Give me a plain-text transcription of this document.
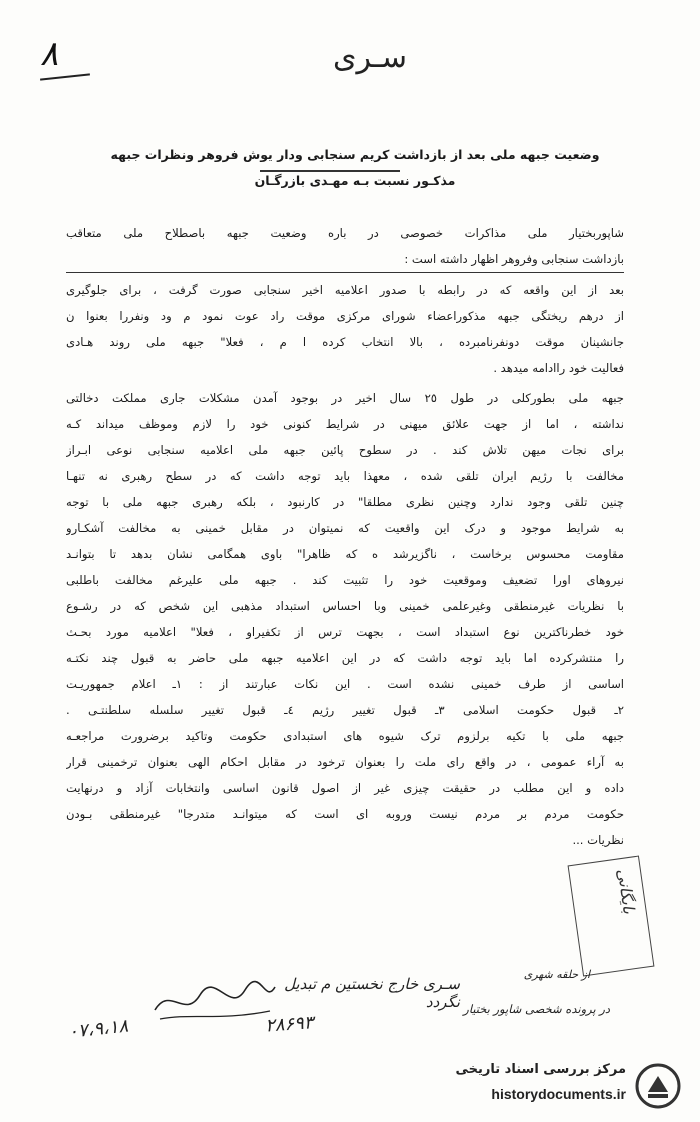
٨	سـری
وضعیت جبهه ملی بعد از بازداشت کریم سنجابی ودار یوش فروهر ونظرات جبهه
مذکـور نسبت بـه مهـدی بازرگـان
شاپوربختیار ملی مذاکرات خصوصی در باره وضعیت جبهه باصطلاح ملی متعاقب
بازداشت سنجابی وفروهر اظهار داشته است :
بعد از این واقعه که در رابطه با صدور اعلامیه اخیر سنجابی صورت گرفت ، برای جلوگیری
از درهم ریختگی جبهه مذکوراعضاء شورای مرکزی موقت راد عوت نمود م ود ونفررا بعنوا ن
جانشینان موقت دونفرنامبرده ، بالا انتخاب کرده ا م ، فعلا" جبهه ملی روند هـادی
فعالیت خود راادامه میدهد .
جبهه ملی بطورکلی در طول ٢٥ سال اخیر در بوجود آمدن مشکلات جاری مملکت دخالتی
نداشته ، اما از جهت علائق میهنی در شرایط کنونی خود را لازم وموظف میداند کـه
برای نجات میهن تلاش کند . در سطوح پائین جبهه ملی اعلامیه سنجابی نوعی ابـراز
مخالفت با رژیم ایران تلقی شده ، معهذا باید توجه داشت که در سطح رهبری نه تنهـا
چنین تلقی وجود ندارد وچنین نظری مطلقا" در کارنبود ، بلکه رهبری جبهه ملی با توجه
به شرایط موجود و درک این واقعیت که نمیتوان در مقابل خمینی به مخالفت آشکـارو
مقاومت محسوس برخاست ، ناگزیرشد ه که ظاهرا" باوی همگامی نشان بدهد تا بتوانـد
نیروهای اورا تضعیف وموقعیت خود را تثبیت کند . جبهه ملی علیرغم مخالفت باطلبی
با نظریات غیرمنطقی وغیرعلمی خمینی وبا احساس استبداد مذهبی این شخص که در رشـوع
خود خطرناکترین نوع استبداد است ، بجهت ترس از تکفیراو ، فعلا" اعلامیه مورد بحـث
را منتشرکرده اما باید توجه داشت که در این اعلامیه جبهه ملی حاضر به قبول چند نکتـه
اساسی از طرف خمینی نشده است . این نکات عبارتند از : ١ـ اعلام جمهوریـت
٢ـ قبول حکومت اسلامی ٣ـ قبول تغییر رژیم ٤ـ قبول تغییر سلسله سلطنتـی .
جبهه ملی با تکیه برلزوم ترک شیوه های استبدادی حکومت وتاکید برضرورت مراجعـه
به آراء عمومی ، در واقع رای ملت را بعنوان ترخود در مقابل احکام الهی بعنوان ترخمینی قرار
داده و این مطلب در حقیقت چیزی غیر از اصول قانون اساسی وانتخابات آزاد و درنهایت
حکومت مردم بر مردم نیست وروبه ای است که میتوانـد متدرجا" غیرمنطقی بـودن
نظریات ...
بایگانی
سـری خارج نخستین م تبدیل نگردد
از حلقه شهری
در پرونده شخصی شاپور بختیار
۲۸۶۹۳
۰۷،۹،۱۸
مرکز بررسی اسناد تاریخی
historydocuments.ir
